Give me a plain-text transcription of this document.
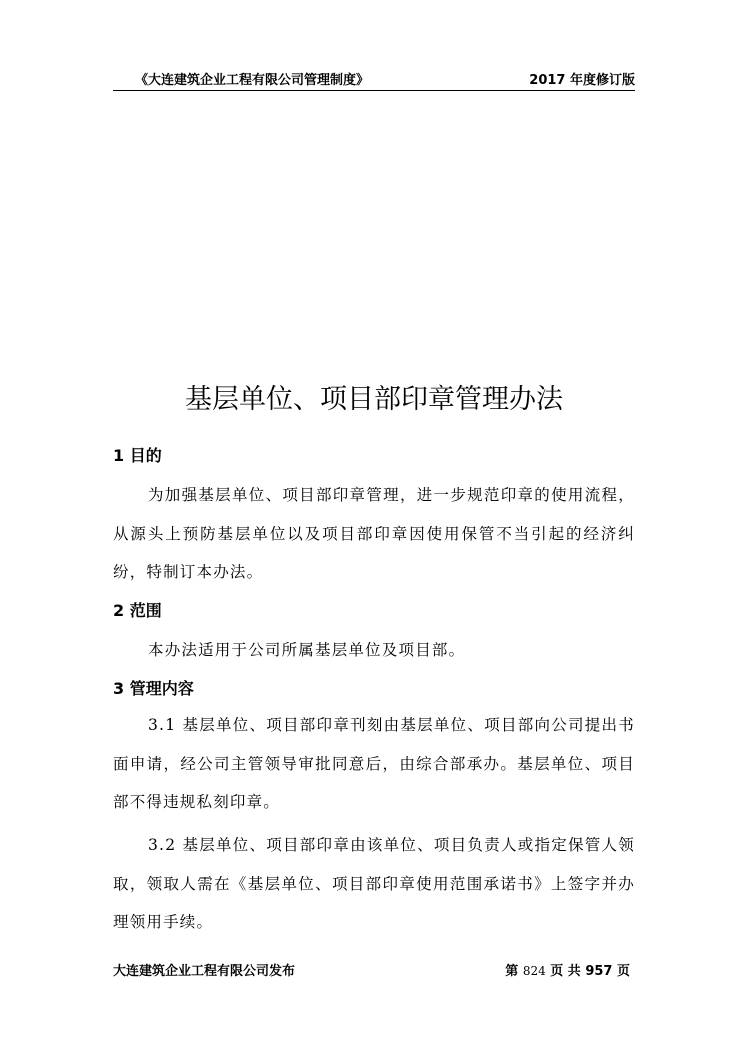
《大连建筑企业工程有限公司管理制度》	2017 年度修订版
基层单位、项目部印章管理办法
1 目的
为加强基层单位、项目部印章管理，进一步规范印章的使用流程，从源头上预防基层单位以及项目部印章因使用保管不当引起的经济纠纷，特制订本办法。
2 范围
本办法适用于公司所属基层单位及项目部。
3 管理内容
3.1 基层单位、项目部印章刊刻由基层单位、项目部向公司提出书面申请，经公司主管领导审批同意后，由综合部承办。基层单位、项目部不得违规私刻印章。
3.2 基层单位、项目部印章由该单位、项目负责人或指定保管人领取，领取人需在《基层单位、项目部印章使用范围承诺书》上签字并办理领用手续。
大连建筑企业工程有限公司发布	第 824 页 共 957 页
